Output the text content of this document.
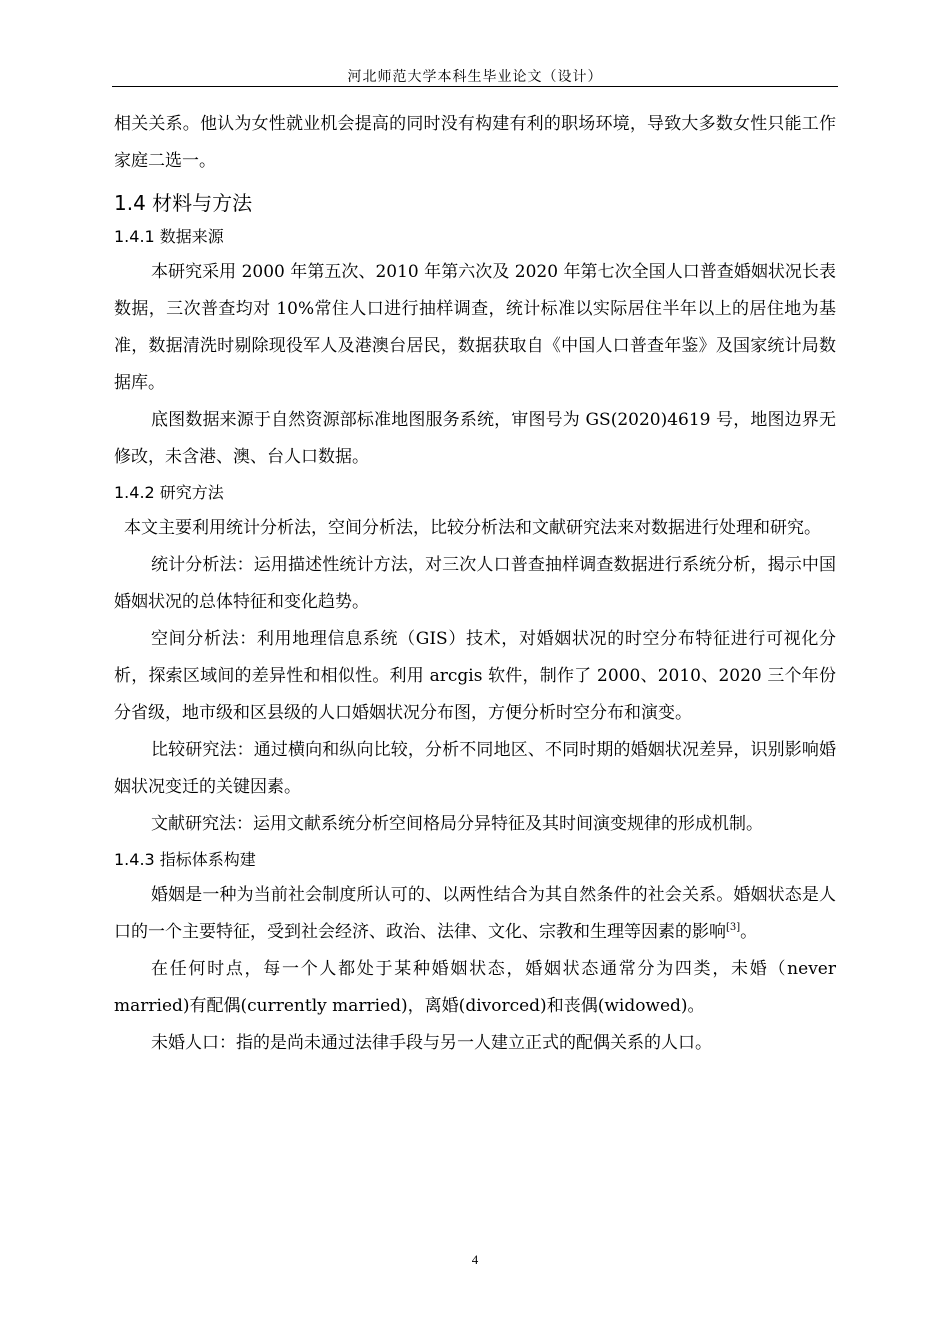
河北师范大学本科生毕业论文（设计）

相关关系。他认为女性就业机会提高的同时没有构建有利的职场环境，导致大多数女性只能工作家庭二选一。

1.4 材料与方法
1.4.1 数据来源

本研究采用 2000 年第五次、2010 年第六次及 2020 年第七次全国人口普查婚姻状况长表数据，三次普查均对 10%常住人口进行抽样调查，统计标准以实际居住半年以上的居住地为基准，数据清洗时剔除现役军人及港澳台居民，数据获取自《中国人口普查年鉴》及国家统计局数据库。

底图数据来源于自然资源部标准地图服务系统，审图号为 GS(2020)4619 号，地图边界无修改，未含港、澳、台人口数据。

1.4.2 研究方法

本文主要利用统计分析法，空间分析法，比较分析法和文献研究法来对数据进行处理和研究。

统计分析法：运用描述性统计方法，对三次人口普查抽样调查数据进行系统分析，揭示中国婚姻状况的总体特征和变化趋势。

空间分析法：利用地理信息系统（GIS）技术，对婚姻状况的时空分布特征进行可视化分析，探索区域间的差异性和相似性。利用 arcgis 软件，制作了 2000、2010、2020 三个年份分省级，地市级和区县级的人口婚姻状况分布图，方便分析时空分布和演变。

比较研究法：通过横向和纵向比较，分析不同地区、不同时期的婚姻状况差异，识别影响婚姻状况变迁的关键因素。

文献研究法：运用文献系统分析空间格局分异特征及其时间演变规律的形成机制。

1.4.3 指标体系构建

婚姻是一种为当前社会制度所认可的、以两性结合为其自然条件的社会关系。婚姻状态是人口的一个主要特征，受到社会经济、政治、法律、文化、宗教和生理等因素的影响[3]。

在任何时点，每一个人都处于某种婚姻状态，婚姻状态通常分为四类，未婚（never married)有配偶(currently married)，离婚(divorced)和丧偶(widowed)。

未婚人口：指的是尚未通过法律手段与另一人建立正式的配偶关系的人口。

4
